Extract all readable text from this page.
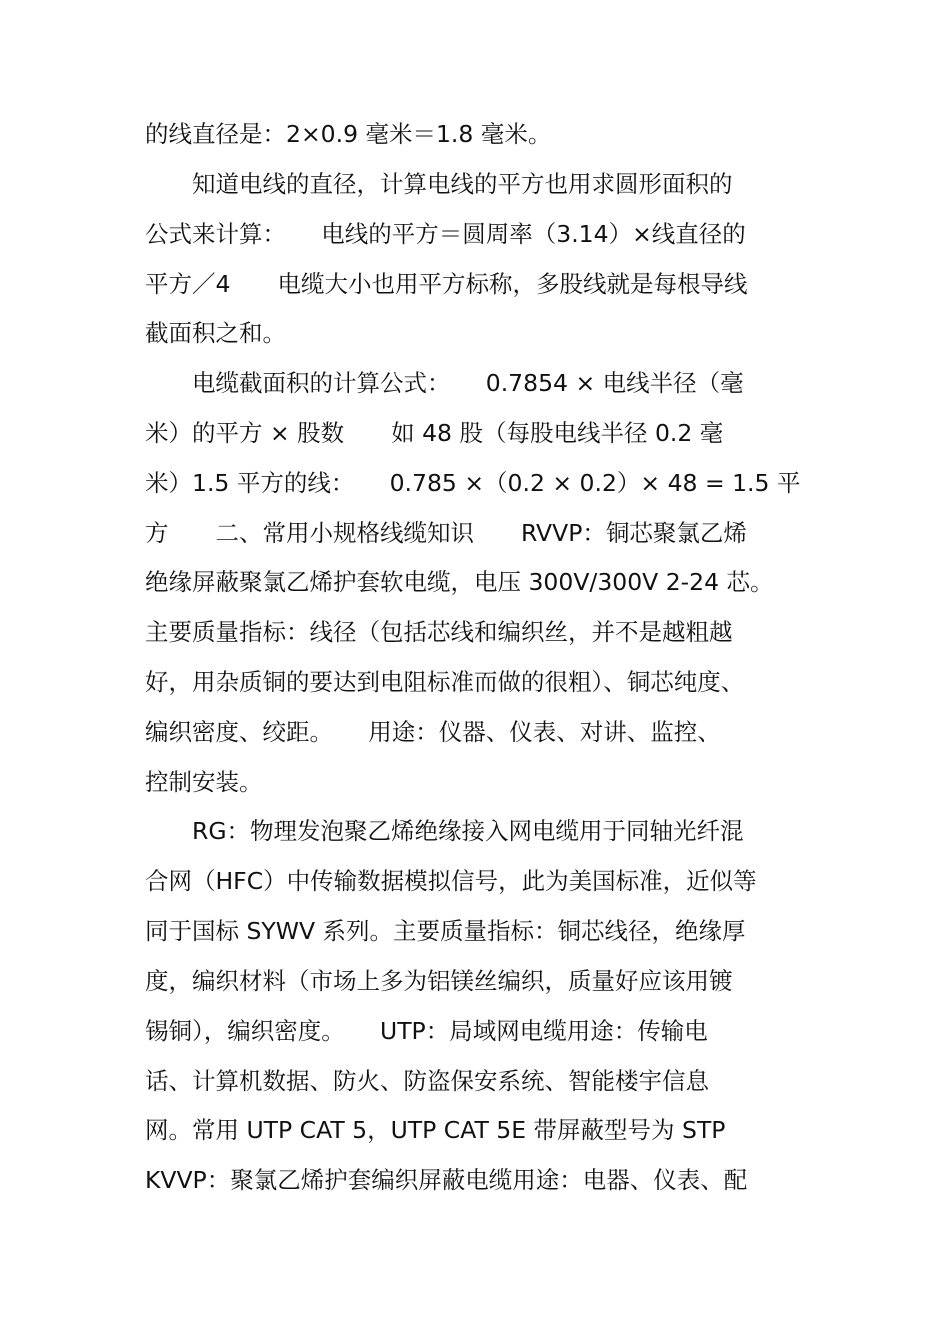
的线直径是：2×0.9 毫米＝1.8 毫米。
　　知道电线的直径，计算电线的平方也用求圆形面积的
公式来计算：　　电线的平方＝圆周率（3.14）×线直径的
平方／4　　电缆大小也用平方标称，多股线就是每根导线
截面积之和。
　　电缆截面积的计算公式：　　0.7854 × 电线半径（毫
米）的平方 × 股数　　如 48 股（每股电线半径 0.2 毫
米）1.5 平方的线：　　0.785 ×（0.2 × 0.2）× 48 = 1.5 平
方　　二、常用小规格线缆知识　　RVVP：铜芯聚氯乙烯
绝缘屏蔽聚氯乙烯护套软电缆，电压 300V/300V 2-24 芯。
主要质量指标：线径（包括芯线和编织丝，并不是越粗越
好，用杂质铜的要达到电阻标准而做的很粗）、铜芯纯度、
编织密度、绞距。　　用途：仪器、仪表、对讲、监控、
控制安装。
　　RG：物理发泡聚乙烯绝缘接入网电缆用于同轴光纤混
合网（HFC）中传输数据模拟信号，此为美国标准，近似等
同于国标 SYWV 系列。主要质量指标：铜芯线径，绝缘厚
度，编织材料（市场上多为铝镁丝编织，质量好应该用镀
锡铜），编织密度。　　UTP：局域网电缆用途：传输电
话、计算机数据、防火、防盗保安系统、智能楼宇信息
网。常用 UTP CAT 5，UTP CAT 5E 带屏蔽型号为 STP
KVVP：聚氯乙烯护套编织屏蔽电缆用途：电器、仪表、配
